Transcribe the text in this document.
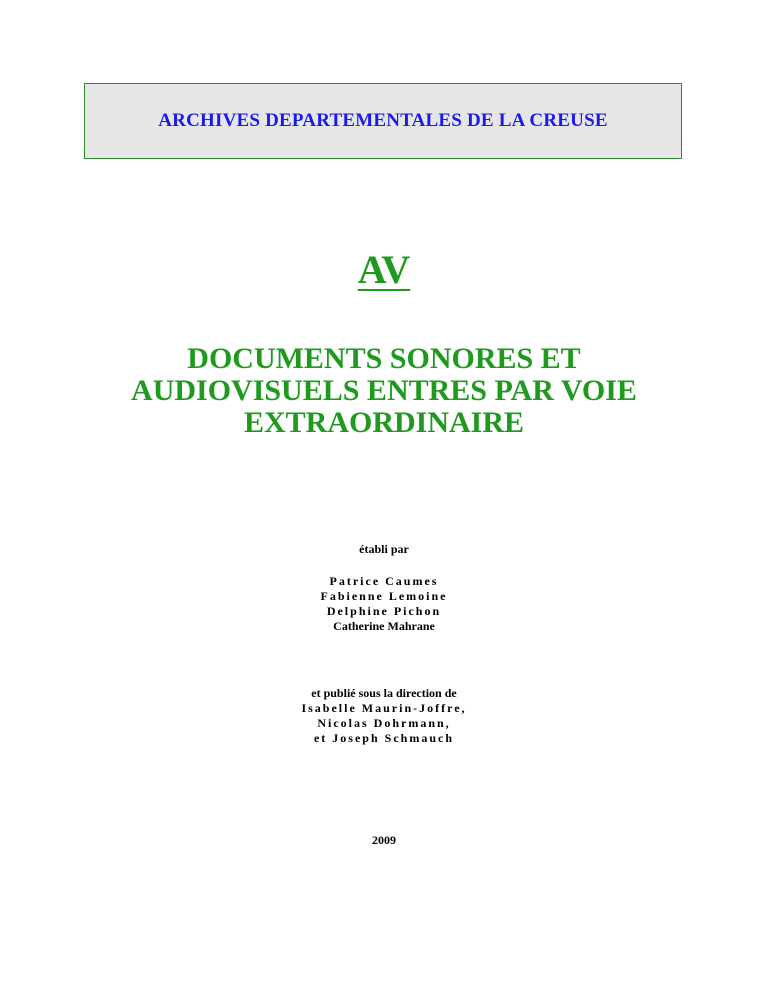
ARCHIVES DEPARTEMENTALES DE LA CREUSE
AV
DOCUMENTS SONORES ET
AUDIOVISUELS ENTRES PAR VOIE
EXTRAORDINAIRE
établi par
Patrice Caumes
Fabienne Lemoine
Delphine Pichon
Catherine Mahrane
et publié sous la direction de
Isabelle Maurin-Joffre,
Nicolas Dohrmann,
et Joseph Schmauch
2009
